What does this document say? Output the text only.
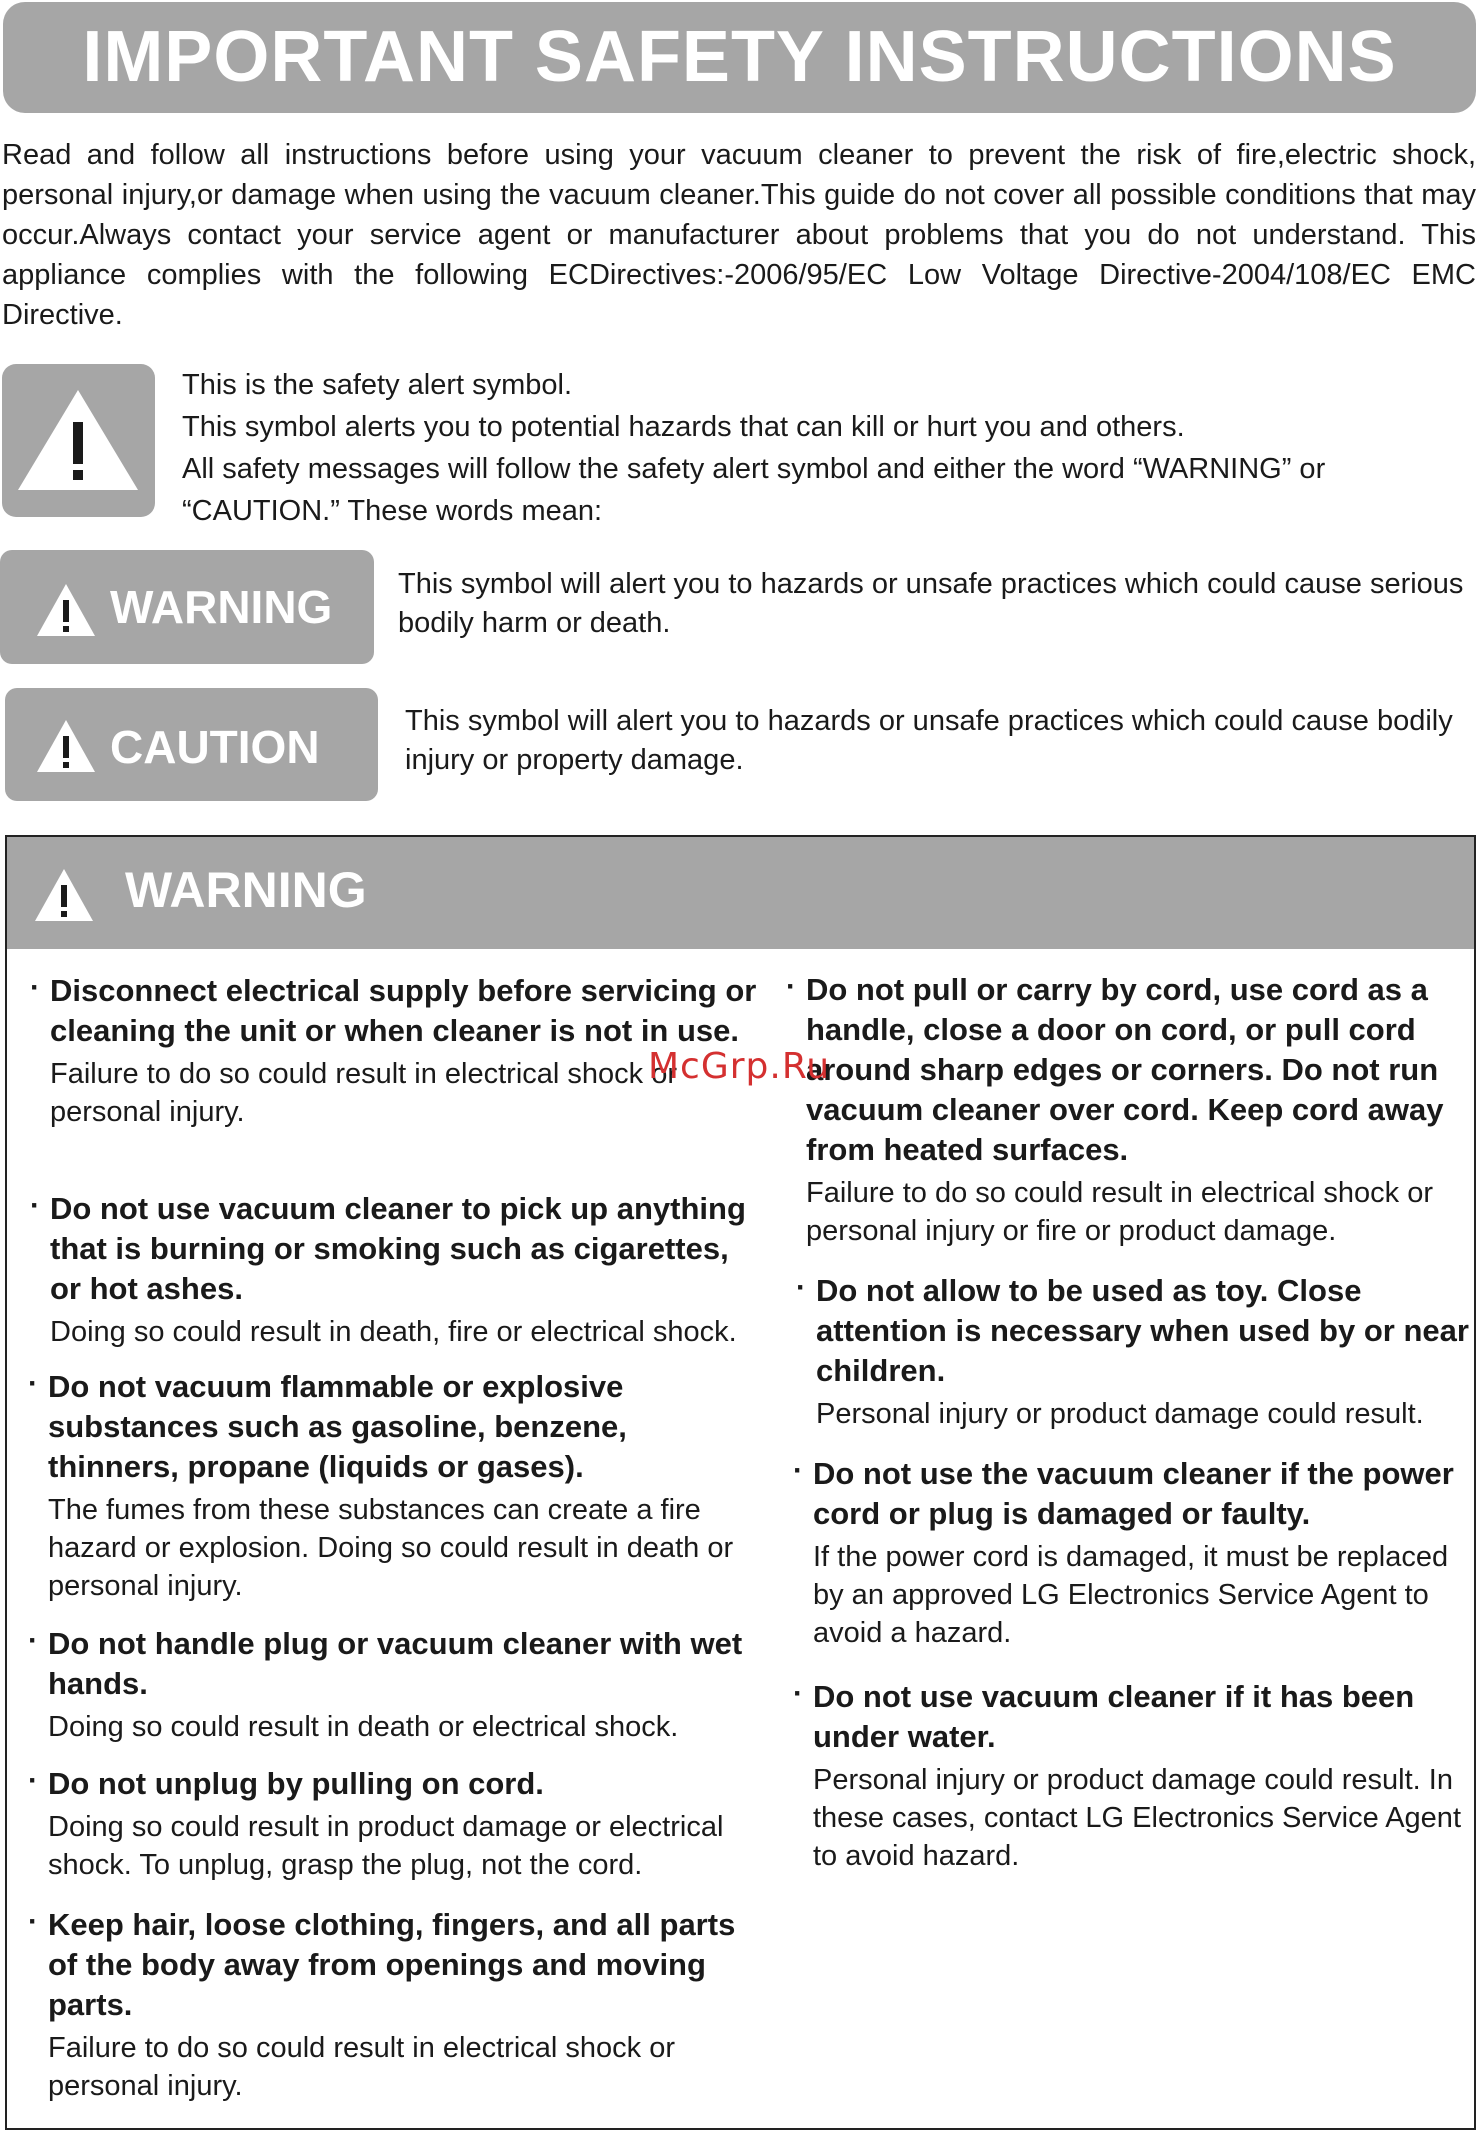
IMPORTANT SAFETY INSTRUCTIONS

Read and follow all instructions before using your vacuum cleaner to prevent the risk of fire,electric shock, personal injury,or damage when using the vacuum cleaner.This guide do not cover all possible conditions that may occur.Always contact your service agent or manufacturer about problems that you do not understand. This appliance complies with the following ECDirectives:-2006/95/EC Low Voltage Directive-2004/108/EC EMC Directive.

This is the safety alert symbol.

This symbol alerts you to potential hazards that can kill or hurt you and others.

All safety messages will follow the safety alert symbol and either the word “WARNING” or “CAUTION.” These words mean:

WARNING This symbol will alert you to hazards or unsafe practices which could cause serious bodily harm or death.
CAUTION	This symbol will alert you to hazards or unsafe practices which could cause bodily injury or property damage.
WARNING
· Disconnect electrical supply before servicing or cleaning the unit or when cleaner is not in use.

Failure to do so could result in electrical shock or personal injury.

· Do not use vacuum cleaner to pick up anything that is burning or smoking such as cigarettes, or hot ashes.

Doing so could result in death, fire or electrical shock.

· Do not vacuum flammable or explosive substances such as gasoline, benzene, thinners, propane (liquids or gases).

The fumes from these substances can create a fire hazard or explosion. Doing so could result in death or personal injury.

· Do not handle plug or vacuum cleaner with wet hands.

Doing so could result in death or electrical shock.

· Do not unplug by pulling on cord.

Doing so could result in product damage or electrical shock. To unplug, grasp the plug, not the cord.

· Keep hair, loose clothing, fingers, and all parts of the body away from openings and moving parts.

Failure to do so could result in electrical shock or personal injury.

· Do not pull or carry by cord, use cord as a handle, close a door on cord, or pull cord around sharp edges or corners. Do not run vacuum cleaner over cord. Keep cord away from heated surfaces.

Failure to do so could result in electrical shock or personal injury or fire or product damage.

· Do not allow to be used as toy. Close attention is necessary when used by or near children.

Personal injury or product damage could result.

· Do not use the vacuum cleaner if the power cord or plug is damaged or faulty.

If the power cord is damaged, it must be replaced by an approved LG Electronics Service Agent to avoid a hazard.

· Do not use vacuum cleaner if it has been under water.

Personal injury or product damage could result. In these cases, contact LG Electronics Service Agent to avoid hazard.

McGrp.Ru
